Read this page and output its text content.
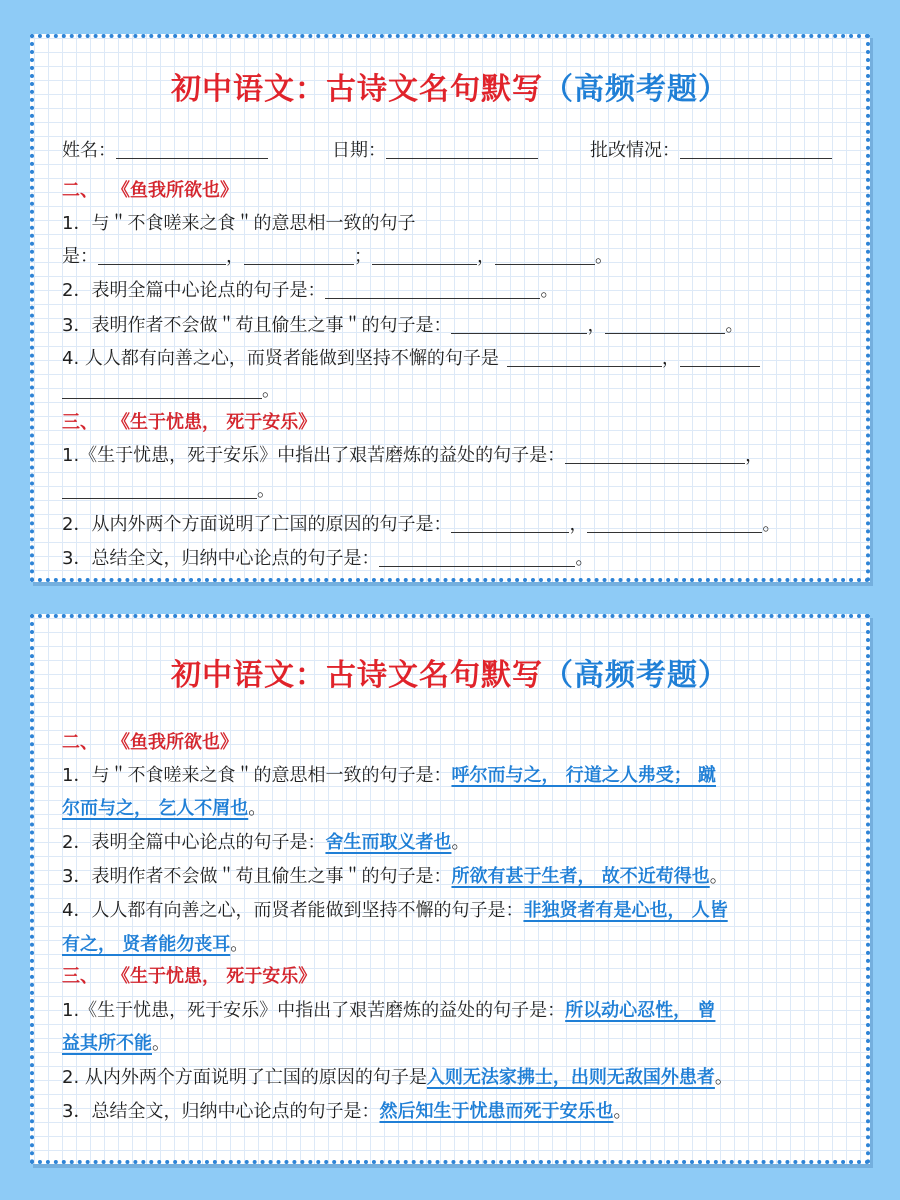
初中语文：古诗文名句默写（高频考题）
姓名：	日期：	批改情况：
二、 《鱼我所欲也》
1．与＂不食嗟来之食＂的意思相一致的句子
是：	，	；	，	。
2．表明全篇中心论点的句子是：	。
3．表明作者不会做＂苟且偷生之事＂的句子是：	，	。
4. 人人都有向善之心，而贤者能做到坚持不懈的句子是	，
。
三、 《生于忧患， 死于安乐》
1.《生于忧患，死于安乐》中指出了艰苦磨炼的益处的句子是：	，
。
2．从内外两个方面说明了亡国的原因的句子是：	，	。
3．总结全文，归纳中心论点的句子是：	。
初中语文：古诗文名句默写（高频考题）
二、 《鱼我所欲也》
1．与＂不食嗟来之食＂的意思相一致的句子是：呼尔而与之， 行道之人弗受； 蹴
尔而与之， 乞人不屑也。
2．表明全篇中心论点的句子是：舍生而取义者也。
3．表明作者不会做＂苟且偷生之事＂的句子是：所欲有甚于生者， 故不近苟得也。
4．人人都有向善之心，而贤者能做到坚持不懈的句子是：非独贤者有是心也， 人皆
有之， 贤者能勿丧耳。
三、 《生于忧患， 死于安乐》
1.《生于忧患，死于安乐》中指出了艰苦磨炼的益处的句子是：所以动心忍性， 曾
益其所不能。
2. 从内外两个方面说明了亡国的原因的句子是入则无法家拂士，出则无敌国外患者。
3．总结全文，归纳中心论点的句子是：然后知生于忧患而死于安乐也。
